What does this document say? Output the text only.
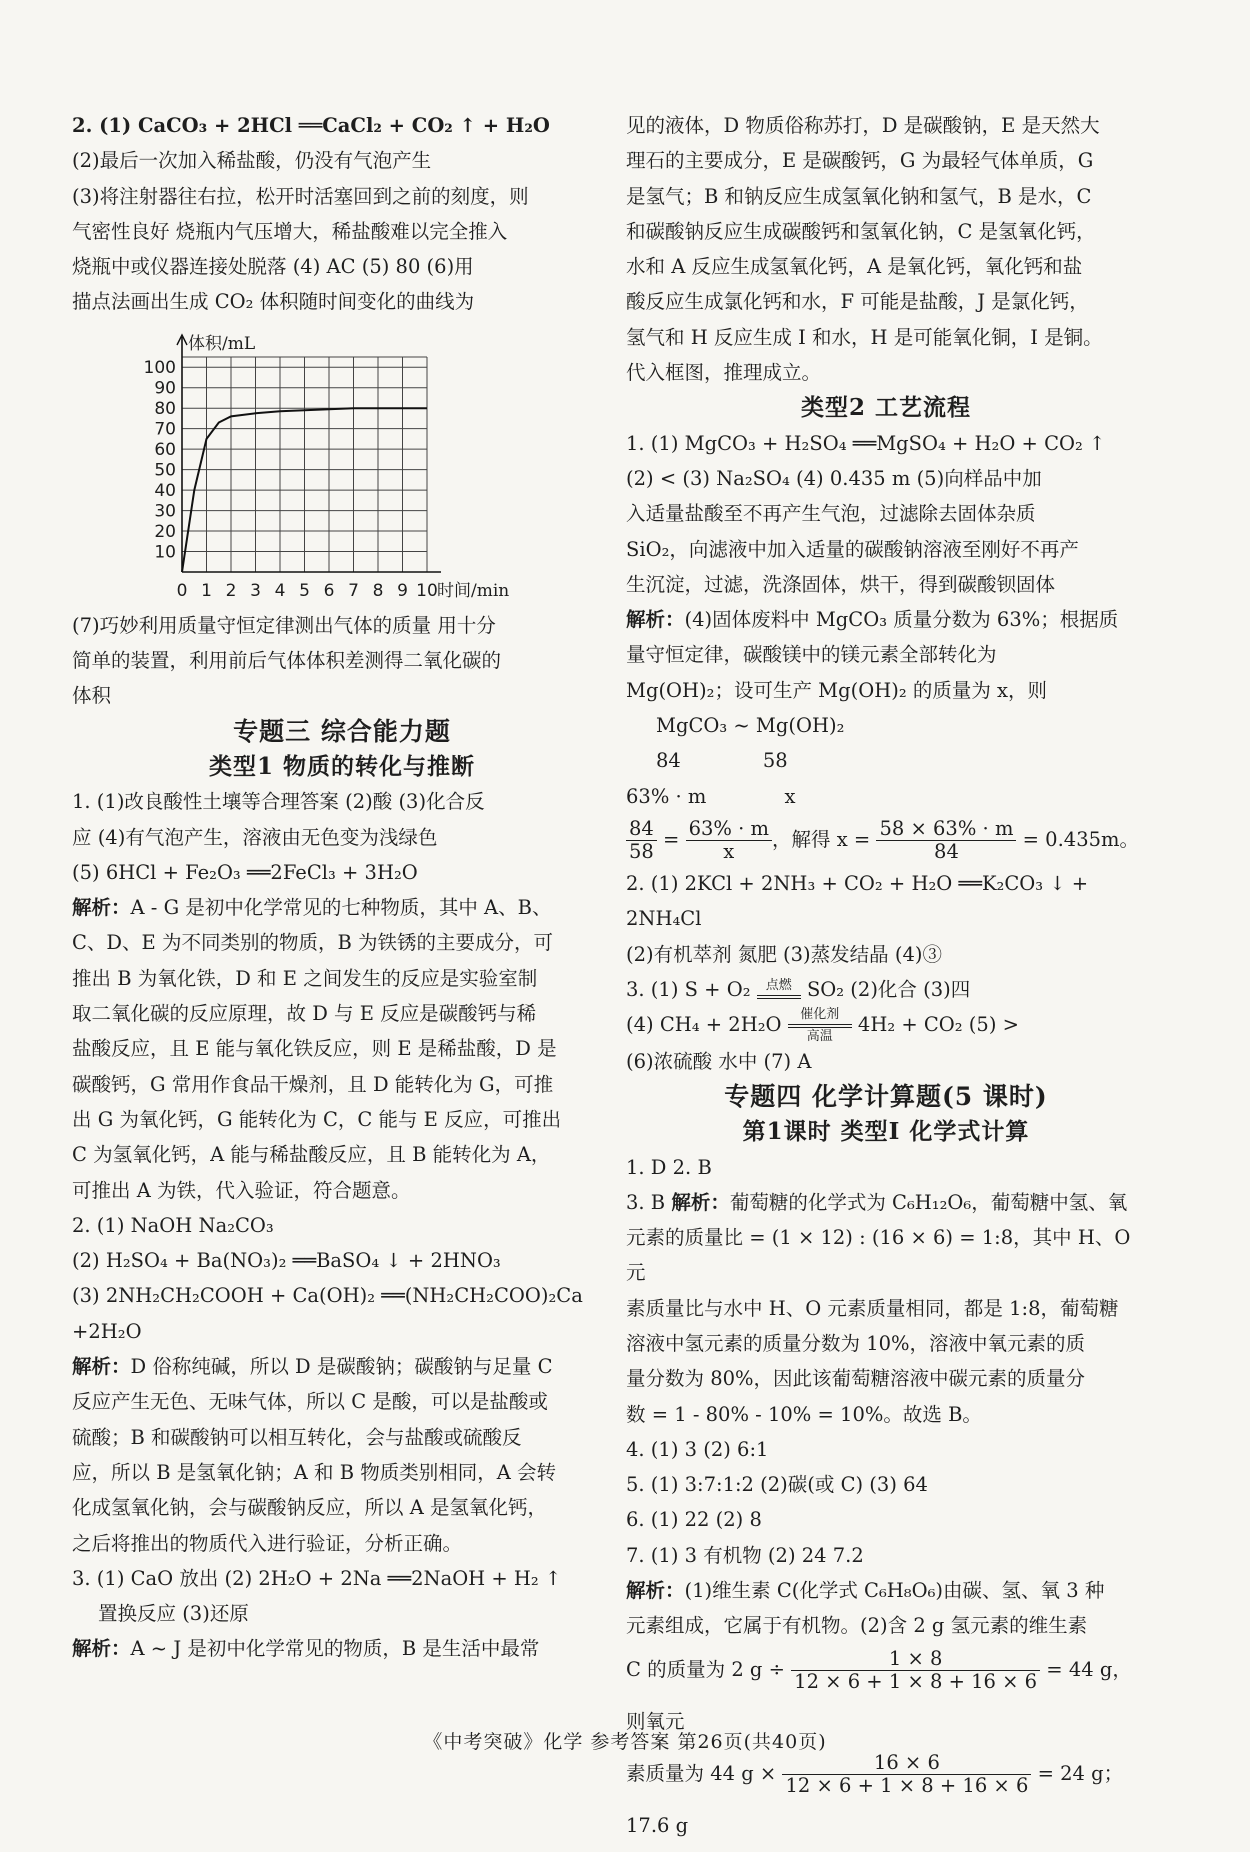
2. (1) CaCO₃ + 2HCl ══CaCl₂ + CO₂ ↑ + H₂O

(2)最后一次加入稀盐酸，仍没有气泡产生

(3)将注射器往右拉，松开时活塞回到之前的刻度，则

气密性良好 烧瓶内气压增大，稀盐酸难以完全推入

烧瓶中或仪器连接处脱落 (4) AC (5) 80 (6)用

描点法画出生成 CO₂ 体积随时间变化的曲线为

10
20
30
40
50
60
70
80
90
100
0 1 2 3 4 5 6 7 8 9 10
体积/mL
时间/min

(7)巧妙利用质量守恒定律测出气体的质量 用十分

简单的装置，利用前后气体体积差测得二氧化碳的

体积

专题三 综合能力题

类型1 物质的转化与推断

1. (1)改良酸性土壤等合理答案 (2)酸 (3)化合反

应 (4)有气泡产生，溶液由无色变为浅绿色

(5) 6HCl + Fe₂O₃ ══2FeCl₃ + 3H₂O

解析：A - G 是初中化学常见的七种物质，其中 A、B、

C、D、E 为不同类别的物质，B 为铁锈的主要成分，可

推出 B 为氧化铁，D 和 E 之间发生的反应是实验室制

取二氧化碳的反应原理，故 D 与 E 反应是碳酸钙与稀

盐酸反应，且 E 能与氧化铁反应，则 E 是稀盐酸，D 是

碳酸钙，G 常用作食品干燥剂，且 D 能转化为 G，可推

出 G 为氧化钙，G 能转化为 C，C 能与 E 反应，可推出

C 为氢氧化钙，A 能与稀盐酸反应，且 B 能转化为 A，

可推出 A 为铁，代入验证，符合题意。

2. (1) NaOH Na₂CO₃

(2) H₂SO₄ + Ba(NO₃)₂ ══BaSO₄ ↓ + 2HNO₃

(3) 2NH₂CH₂COOH + Ca(OH)₂ ══(NH₂CH₂COO)₂Ca

+2H₂O

解析：D 俗称纯碱，所以 D 是碳酸钠；碳酸钠与足量 C

反应产生无色、无味气体，所以 C 是酸，可以是盐酸或

硫酸；B 和碳酸钠可以相互转化，会与盐酸或硫酸反

应，所以 B 是氢氧化钠；A 和 B 物质类别相同，A 会转

化成氢氧化钠，会与碳酸钠反应，所以 A 是氢氧化钙，

之后将推出的物质代入进行验证，分析正确。

3. (1) CaO 放出 (2) 2H₂O + 2Na ══2NaOH + H₂ ↑

置换反应 (3)还原

解析：A ~ J 是初中化学常见的物质，B 是生活中最常

见的液体，D 物质俗称苏打，D 是碳酸钠，E 是天然大

理石的主要成分，E 是碳酸钙，G 为最轻气体单质，G

是氢气；B 和钠反应生成氢氧化钠和氢气，B 是水，C

和碳酸钠反应生成碳酸钙和氢氧化钠，C 是氢氧化钙，

水和 A 反应生成氢氧化钙，A 是氧化钙，氧化钙和盐

酸反应生成氯化钙和水，F 可能是盐酸，J 是氯化钙，

氢气和 H 反应生成 I 和水，H 是可能氧化铜，I 是铜。

代入框图，推理成立。

类型2 工艺流程

1. (1) MgCO₃ + H₂SO₄ ══MgSO₄ + H₂O + CO₂ ↑

(2) < (3) Na₂SO₄ (4) 0.435 m (5)向样品中加

入适量盐酸至不再产生气泡，过滤除去固体杂质

SiO₂，向滤液中加入适量的碳酸钠溶液至刚好不再产

生沉淀，过滤，洗涤固体，烘干，得到碳酸钡固体

解析：(4)固体废料中 MgCO₃ 质量分数为 63%；根据质

量守恒定律，碳酸镁中的镁元素全部转化为

Mg(OH)₂；设可生产 Mg(OH)₂ 的质量为 x，则

MgCO₃ ~ Mg(OH)₂

84	58

63% · m	x

$\frac{84}{58} = \frac{63\% \cdot m}{x}$ ，解得 $x = \frac{58 \times 63\% \cdot m}{84} = 0.435m$。

2. (1) 2KCl + 2NH₃ + CO₂ + H₂O ══K₂CO₃ ↓ + 2NH₄Cl

(2)有机萃剂 氮肥 (3)蒸发结晶 (4)③

3. (1) S + O₂ 点燃 SO₂ (2)化合 (3)四

(4) CH₄ + 2H₂O 催化剂
高温 4H₂ + CO₂ (5) >

(6)浓硫酸 水中 (7) A

专题四 化学计算题(5 课时)

第1课时 类型Ⅰ 化学式计算

1. D 2. B

3. B 解析：葡萄糖的化学式为 C₆H₁₂O₆，葡萄糖中氢、氧

元素的质量比 = (1 × 12) : (16 × 6) = 1:8，其中 H、O 元

素质量比与水中 H、O 元素质量相同，都是 1:8，葡萄糖

溶液中氢元素的质量分数为 10%，溶液中氧元素的质

量分数为 80%，因此该葡萄糖溶液中碳元素的质量分

数 = 1 - 80% - 10% = 10%。故选 B。

4. (1) 3 (2) 6:1

5. (1) 3:7:1:2 (2)碳(或 C) (3) 64

6. (1) 22 (2) 8

7. (1) 3 有机物 (2) 24 7.2

解析：(1)维生素 C(化学式 C₆H₈O₆)由碳、氢、氧 3 种

元素组成，它属于有机物。(2)含 2 g 氢元素的维生素

C 的质量为 2 $g \div \frac{1 \times 8}{12 \times 6 + 1 \times 8 + 16 \times 6} = 44$ g，则氧元

素质量为 44 $g \times \frac{16 \times 6}{12 \times 6 + 1 \times 8 + 16 \times 6} = 24$ g；17.6 g

《中考突破》化学 参考答案 第26页(共40页)
